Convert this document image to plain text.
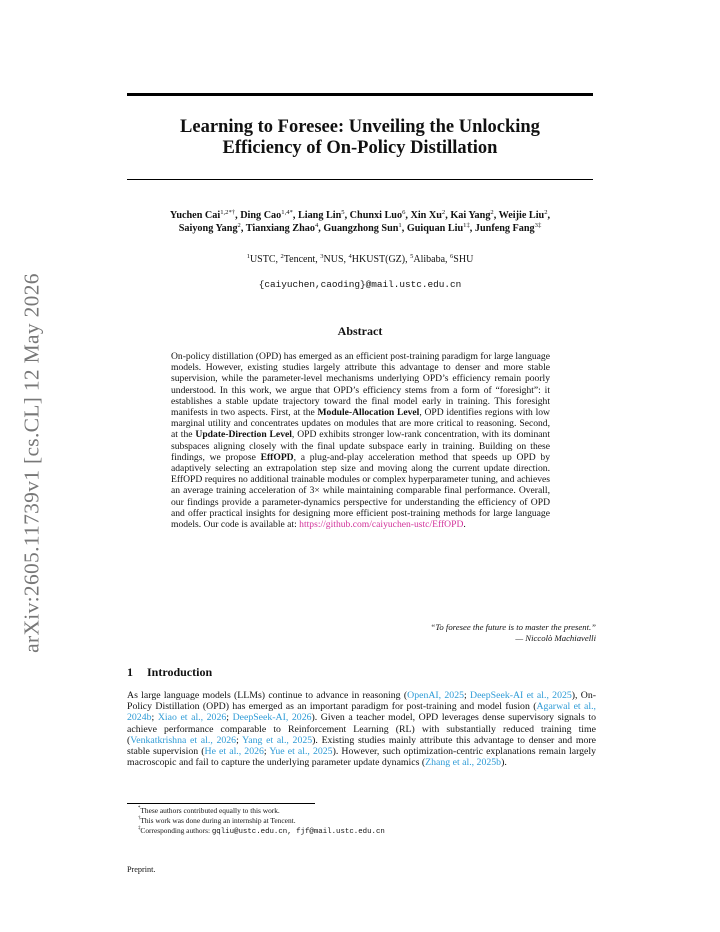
arXiv:2605.11739v1 [cs.CL] 12 May 2026
Learning to Foresee: Unveiling the Unlocking
Efficiency of On-Policy Distillation
Yuchen Cai$^{1,2*\dagger}$, Ding Cao$^{1,4*}$, Liang Lin$^5$, Chunxi Luo$^6$, Xin Xu$^2$, Kai Yang$^2$, Weijie Liu$^2$,
Saiyong Yang$^2$, Tianxiang Zhao$^4$, Guangzhong Sun$^1$, Guiquan Liu$^{1\ddagger}$, Junfeng Fang$^{3\ddagger}$
$^1$USTC, $^2$Tencent, $^3$NUS, $^4$HKUST(GZ), $^5$Alibaba, $^6$SHU
{caiyuchen,caoding}@mail.ustc.edu.cn
Abstract
On-policy distillation (OPD) has emerged as an efficient post-training paradigm for large language models. However, existing studies largely attribute this advantage to denser and more stable supervision, while the parameter-level mechanisms underlying OPD’s efficiency remain poorly understood. In this work, we argue that OPD’s efficiency stems from a form of “foresight”: it establishes a stable update trajectory toward the final model early in training. This foresight manifests in two aspects. First, at the Module-Allocation Level, OPD identifies regions with low marginal utility and concentrates updates on modules that are more critical to reasoning. Second, at the Update-Direction Level, OPD exhibits stronger low-rank concentration, with its dominant subspaces aligning closely with the final update subspace early in training. Building on these findings, we propose EffOPD, a plug-and-play acceleration method that speeds up OPD by adaptively selecting an extrapolation step size and moving along the current update direction. EffOPD requires no additional trainable modules or complex hyperparameter tuning, and achieves an average training acceleration of 3× while maintaining comparable final performance. Overall, our findings provide a parameter-dynamics perspective for understanding the efficiency of OPD and offer practical insights for designing more efficient post-training methods for large language models. Our code is available at: https://github.com/caiyuchen-ustc/EffOPD.
“To foresee the future is to master the present.”
— Niccolò Machiavelli
1 Introduction
As large language models (LLMs) continue to advance in reasoning (OpenAI, 2025; DeepSeek-AI et al., 2025), On-Policy Distillation (OPD) has emerged as an important paradigm for post-training and model fusion (Agarwal et al., 2024b; Xiao et al., 2026; DeepSeek-AI, 2026). Given a teacher model, OPD leverages dense supervisory signals to achieve performance comparable to Reinforcement Learning (RL) with substantially reduced training time (Venkatkrishna et al., 2026; Yang et al., 2025). Existing studies mainly attribute this advantage to denser and more stable supervision (He et al., 2026; Yue et al., 2025). However, such optimization-centric explanations remain largely macroscopic and fail to capture the underlying parameter update dynamics (Zhang et al., 2025b).
*These authors contributed equally to this work.
†This work was done during an internship at Tencent.
‡Corresponding authors: gqliu@ustc.edu.cn, fjf@mail.ustc.edu.cn
Preprint.
